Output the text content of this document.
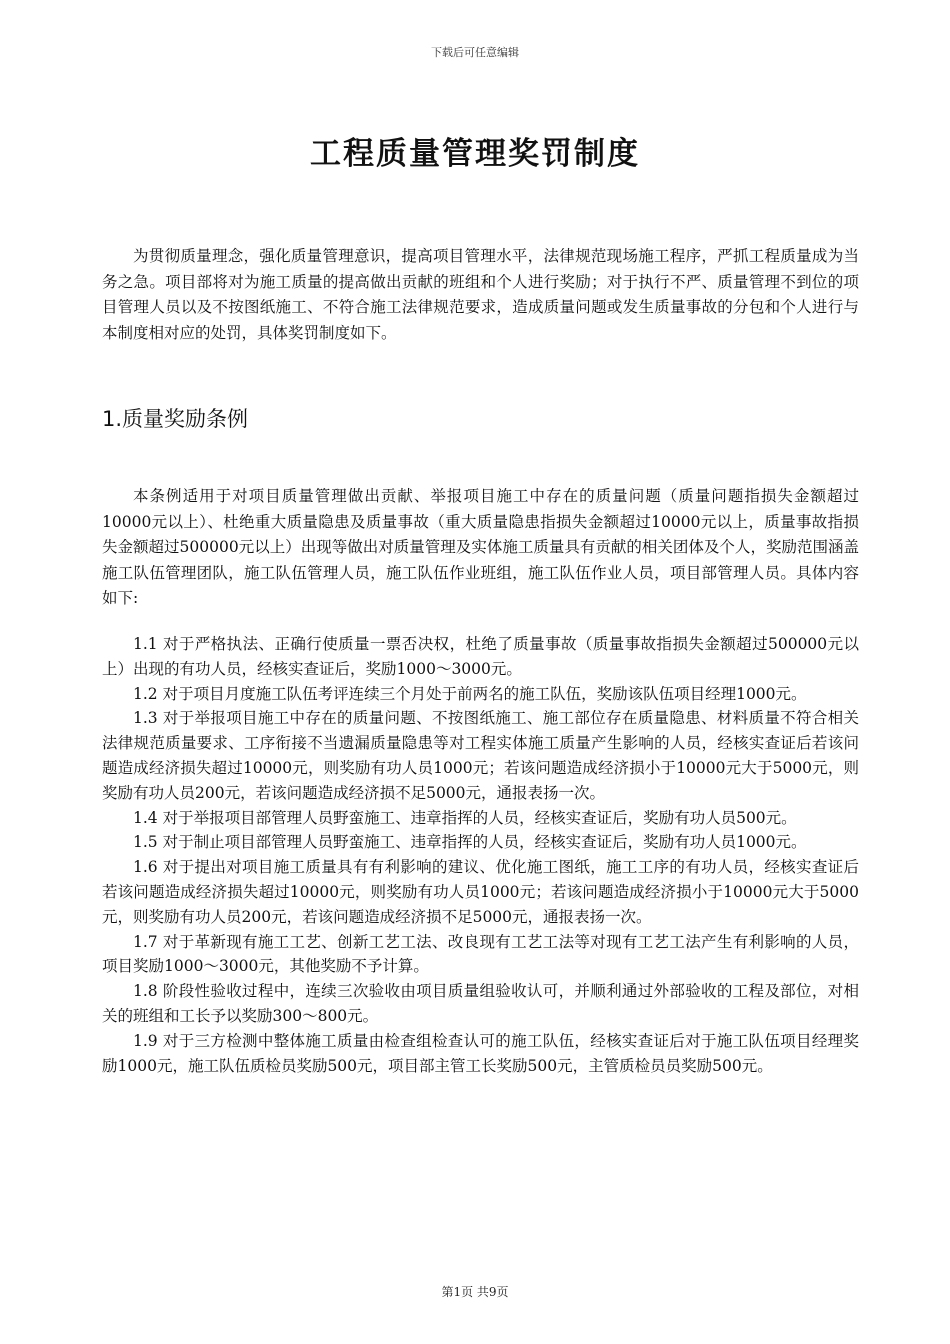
下载后可任意编辑
工程质量管理奖罚制度
为贯彻质量理念，强化质量管理意识，提高项目管理水平，法律规范现场施工程序，严抓工程质量成为当务之急。项目部将对为施工质量的提高做出贡献的班组和个人进行奖励；对于执行不严、质量管理不到位的项目管理人员以及不按图纸施工、不符合施工法律规范要求，造成质量问题或发生质量事故的分包和个人进行与本制度相对应的处罚，具体奖罚制度如下。
1.质量奖励条例
本条例适用于对项目质量管理做出贡献、举报项目施工中存在的质量问题（质量问题指损失金额超过10000元以上）、杜绝重大质量隐患及质量事故（重大质量隐患指损失金额超过10000元以上，质量事故指损失金额超过500000元以上）出现等做出对质量管理及实体施工质量具有贡献的相关团体及个人，奖励范围涵盖施工队伍管理团队，施工队伍管理人员，施工队伍作业班组，施工队伍作业人员，项目部管理人员。具体内容如下:
1.1 对于严格执法、正确行使质量一票否决权，杜绝了质量事故（质量事故指损失金额超过500000元以上）出现的有功人员，经核实查证后，奖励1000～3000元。
1.2 对于项目月度施工队伍考评连续三个月处于前两名的施工队伍，奖励该队伍项目经理1000元。
1.3 对于举报项目施工中存在的质量问题、不按图纸施工、施工部位存在质量隐患、材料质量不符合相关法律规范质量要求、工序衔接不当遗漏质量隐患等对工程实体施工质量产生影响的人员，经核实查证后若该问题造成经济损失超过10000元，则奖励有功人员1000元；若该问题造成经济损小于10000元大于5000元，则奖励有功人员200元，若该问题造成经济损不足5000元，通报表扬一次。
1.4 对于举报项目部管理人员野蛮施工、违章指挥的人员，经核实查证后，奖励有功人员500元。
1.5 对于制止项目部管理人员野蛮施工、违章指挥的人员，经核实查证后，奖励有功人员1000元。
1.6 对于提出对项目施工质量具有有利影响的建议、优化施工图纸，施工工序的有功人员，经核实查证后若该问题造成经济损失超过10000元，则奖励有功人员1000元；若该问题造成经济损小于10000元大于5000元，则奖励有功人员200元，若该问题造成经济损不足5000元，通报表扬一次。
1.7 对于革新现有施工工艺、创新工艺工法、改良现有工艺工法等对现有工艺工法产生有利影响的人员，项目奖励1000～3000元，其他奖励不予计算。
1.8 阶段性验收过程中，连续三次验收由项目质量组验收认可，并顺利通过外部验收的工程及部位，对相关的班组和工长予以奖励300～800元。
1.9 对于三方检测中整体施工质量由检查组检查认可的施工队伍，经核实查证后对于施工队伍项目经理奖励1000元，施工队伍质检员奖励500元，项目部主管工长奖励500元，主管质检员员奖励500元。
第1页 共9页
